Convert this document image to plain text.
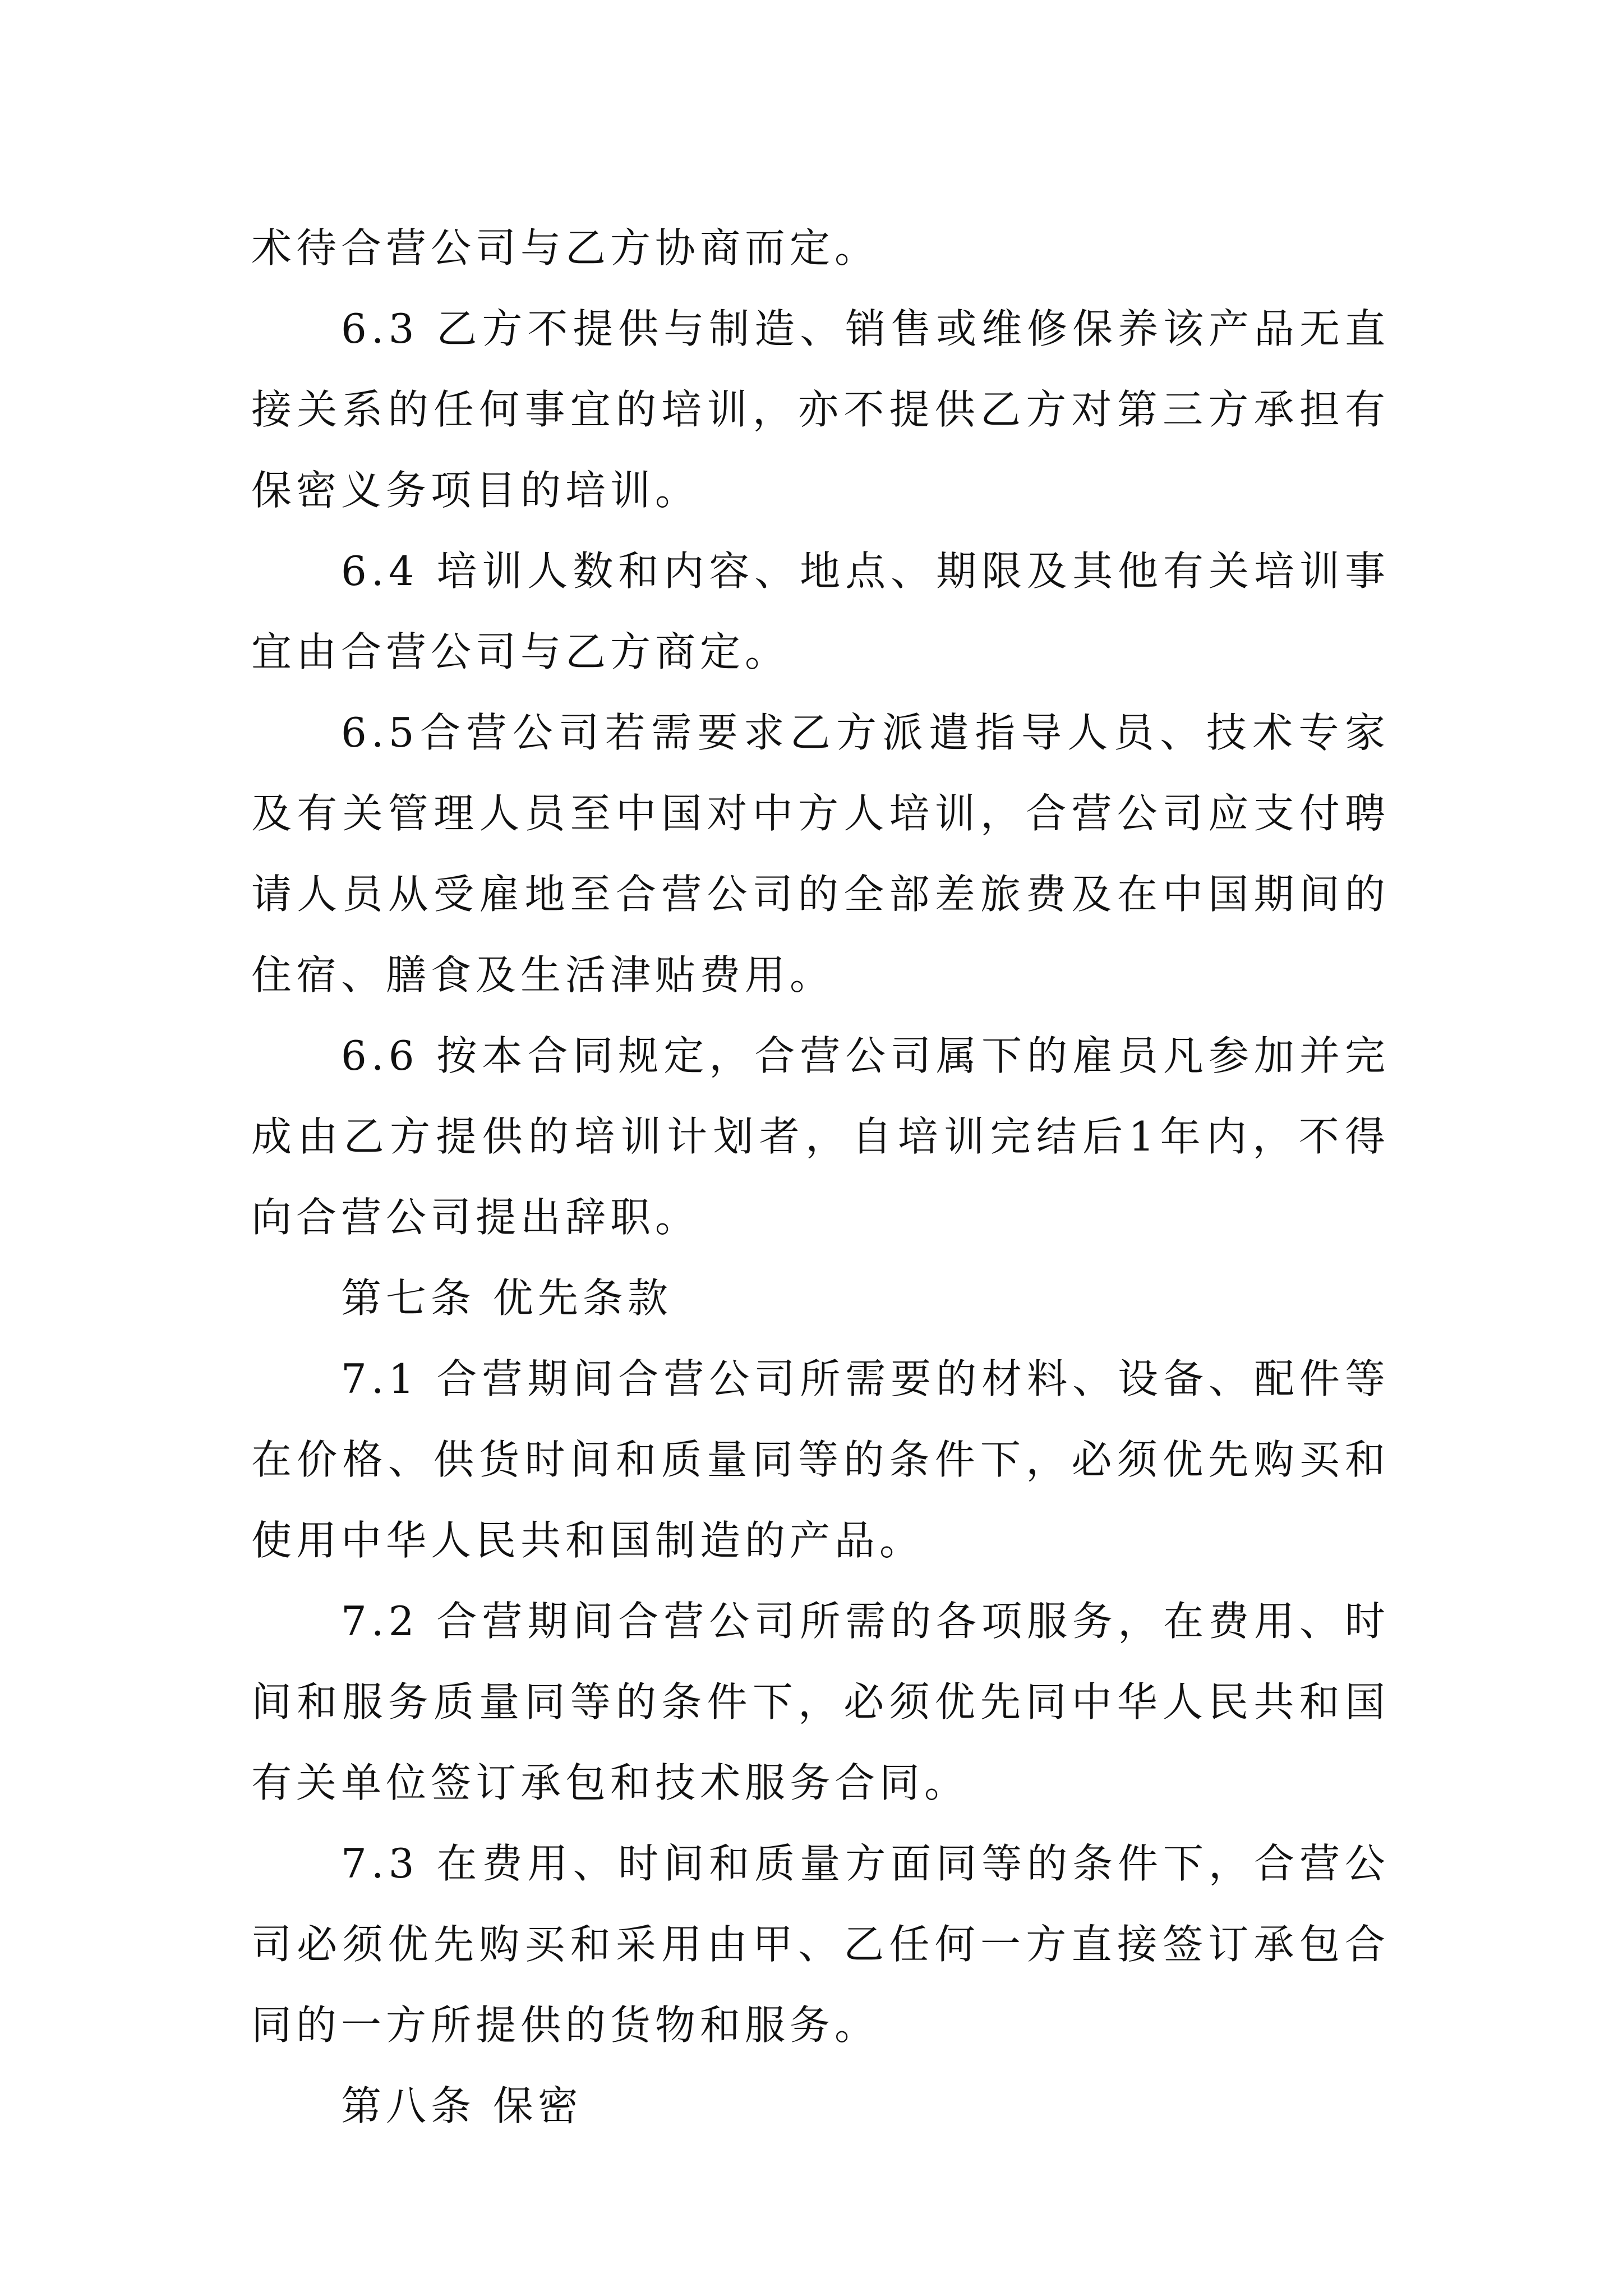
术待合营公司与乙方协商而定。

6.3 乙方不提供与制造、销售或维修保养该产品无直接关系的任何事宜的培训，亦不提供乙方对第三方承担有保密义务项目的培训。

6.4 培训人数和内容、地点、期限及其他有关培训事宜由合营公司与乙方商定。

6.5合营公司若需要求乙方派遣指导人员、技术专家及有关管理人员至中国对中方人培训，合营公司应支付聘请人员从受雇地至合营公司的全部差旅费及在中国期间的住宿、膳食及生活津贴费用。

6.6 按本合同规定，合营公司属下的雇员凡参加并完成由乙方提供的培训计划者，自培训完结后1年内，不得向合营公司提出辞职。

第七条 优先条款

7.1 合营期间合营公司所需要的材料、设备、配件等在价格、供货时间和质量同等的条件下，必须优先购买和使用中华人民共和国制造的产品。

7.2 合营期间合营公司所需的各项服务，在费用、时间和服务质量同等的条件下，必须优先同中华人民共和国有关单位签订承包和技术服务合同。

7.3 在费用、时间和质量方面同等的条件下，合营公司必须优先购买和采用由甲、乙任何一方直接签订承包合同的一方所提供的货物和服务。

第八条 保密
